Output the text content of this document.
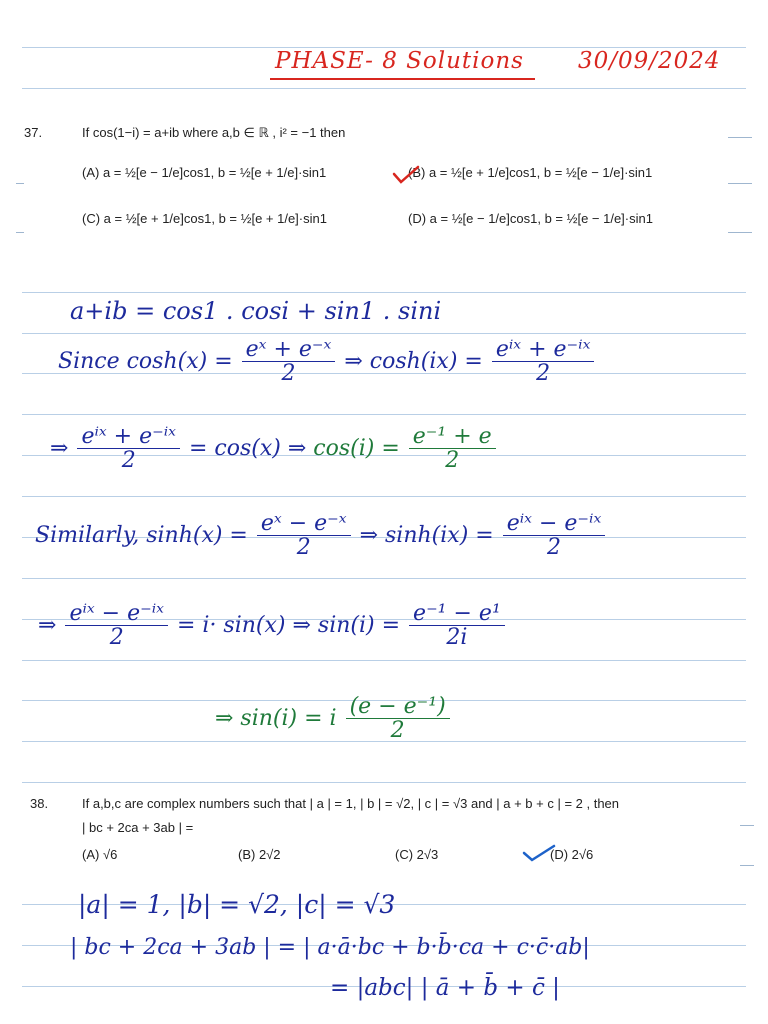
PHASE- 8 Solutions 30/09/2024
37.	If cos(1−i) = a+ib where a,b ∈ ℝ , i² = −1 then
(A) a = ½[e − 1/e]cos1, b = ½[e + 1/e]·sin1	(B) a = ½[e + 1/e]cos1, b = ½[e − 1/e]·sin1
(C) a = ½[e + 1/e]cos1, b = ½[e + 1/e]·sin1	(D) a = ½[e − 1/e]cos1, b = ½[e − 1/e]·sin1
a+ib = cos1 . cosi + sin1 . sini
Since $\cosh(x) = \frac{\text{eˣ + e⁻ˣ}}{2}$ ⇒ $\cosh(ix) = \frac{\text{eⁱˣ + e⁻ⁱˣ}}{2}$
⇒ $\frac{\text{eⁱˣ + e⁻ⁱˣ}}{2} = \cos(x)$ ⇒ $\cos(i) = \frac{\text{e⁻¹ + e}}{2}$
Similarly, $\sinh(x) = \frac{\text{eˣ − e⁻ˣ}}{2}$ ⇒ $\sinh(ix) = \frac{\text{eⁱˣ − e⁻ⁱˣ}}{2}$
⇒ $\frac{\text{eⁱˣ − e⁻ⁱˣ}}{2} = i\cdot \sin(x)$ ⇒ $\sin(i) = \frac{\text{e⁻¹ − e¹}}{2i}$
⇒ sin(i) = i $\frac{\text{(e − e⁻¹)}}{2}$
38.	If a,b,c are complex numbers such that | a | = 1, | b | = √2, | c | = √3 and | a + b + c | = 2 , then
| bc + 2ca + 3ab | =
(A) √6	(B) 2√2	(C) 2√3	(D) 2√6
|a| = 1, |b| = √2, |c| = √3
| bc + 2ca + 3ab | = | a·ā·bc + b·b̄·ca + c·c̄·ab|
= |abc| | ā + b̄ + c̄ |
